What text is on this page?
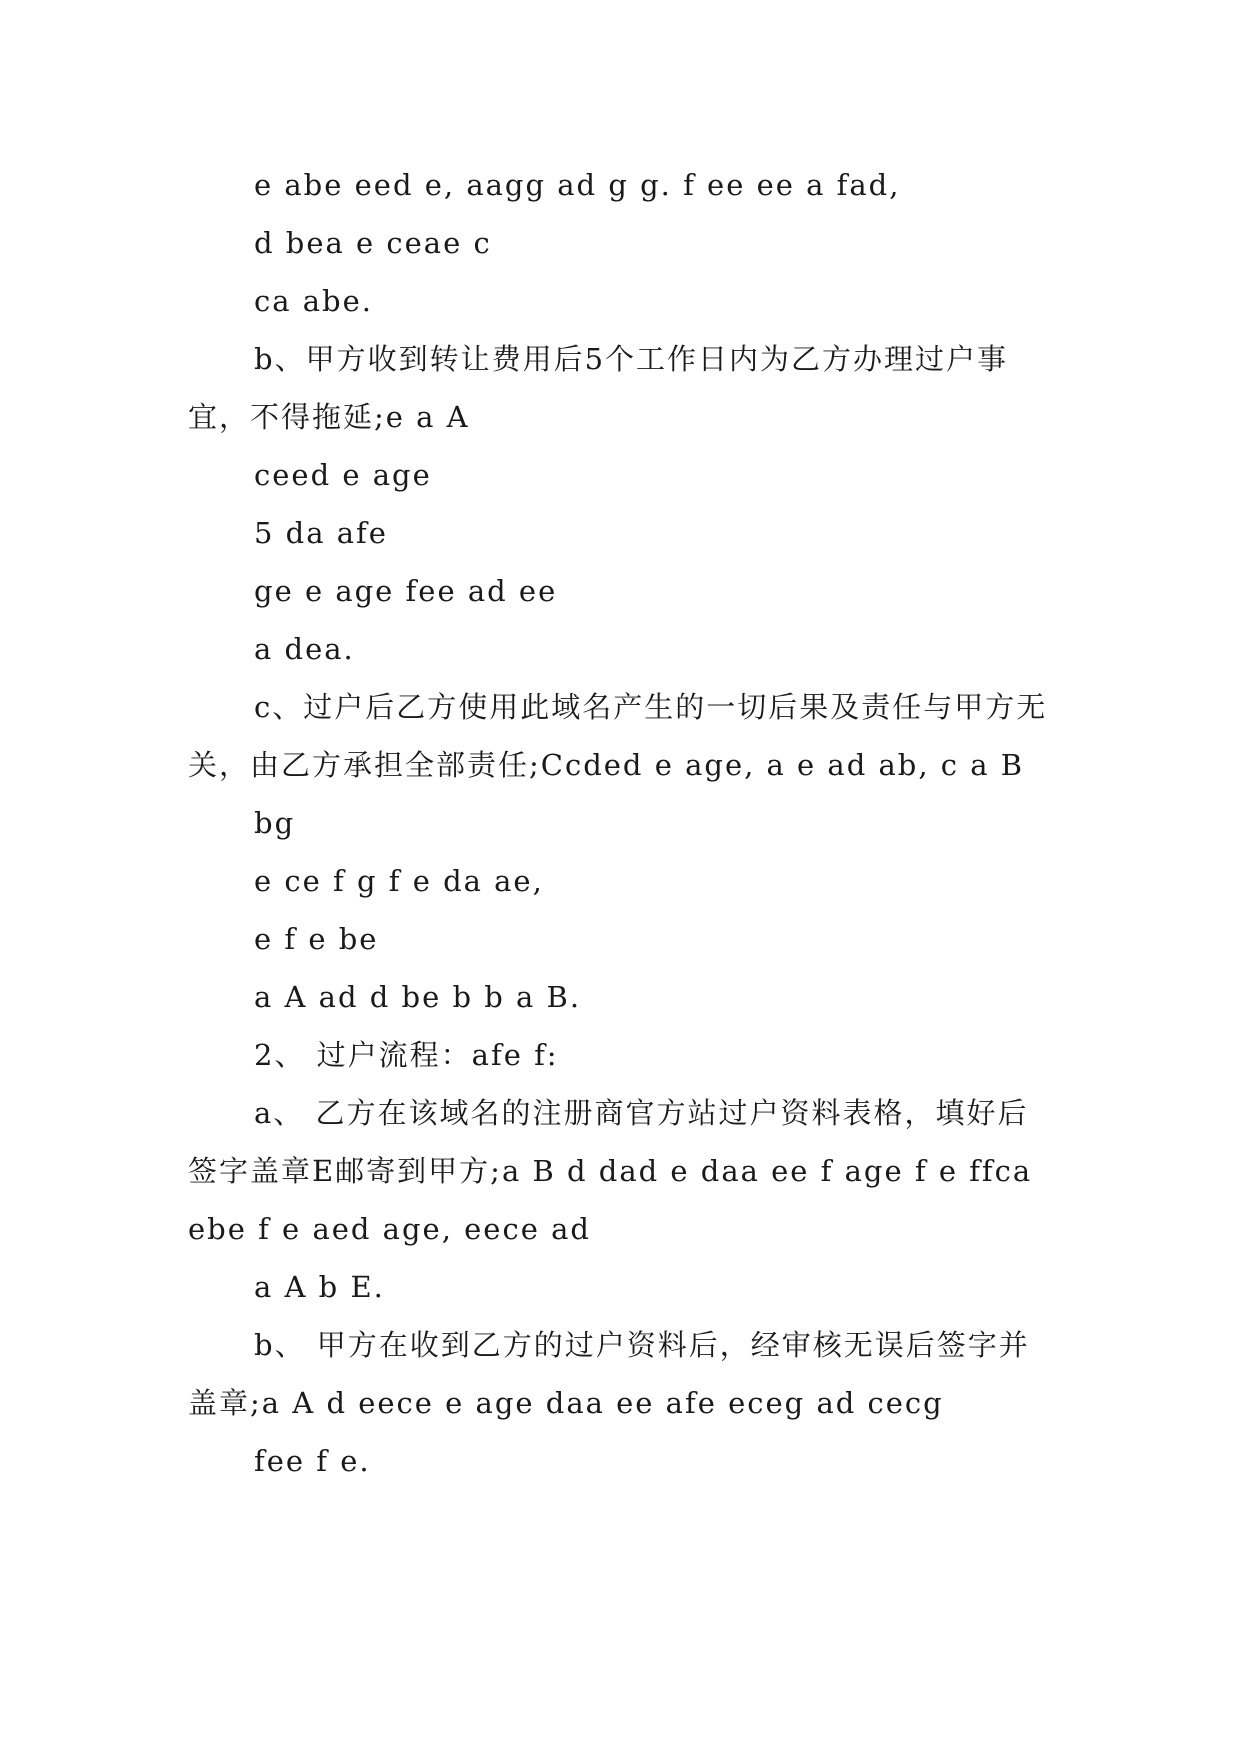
e abe eed e, aagg ad g g. f ee ee a fad,

d bea e ceae c

ca abe.

b、甲方收到转让费用后5个工作日内为乙方办理过户事宜，不得拖延;e a A

ceed e age

5 da afe

ge e age fee ad ee

a dea.

c、过户后乙方使用此域名产生的一切后果及责任与甲方无关，由乙方承担全部责任;Ccded e age, a e ad ab, c a B

bg

e ce f g f e da ae,

e f e be

a A ad d be b b a B.

2、 过户流程：afe f:

a、 乙方在该域名的注册商官方站过户资料表格，填好后签字盖章E邮寄到甲方;a B d dad e daa ee f age f e ffca ebe f e aed age, eece ad

a A b E.

b、 甲方在收到乙方的过户资料后，经审核无误后签字并盖章;a A d eece e age daa ee afe eceg ad cecg

fee f e.
